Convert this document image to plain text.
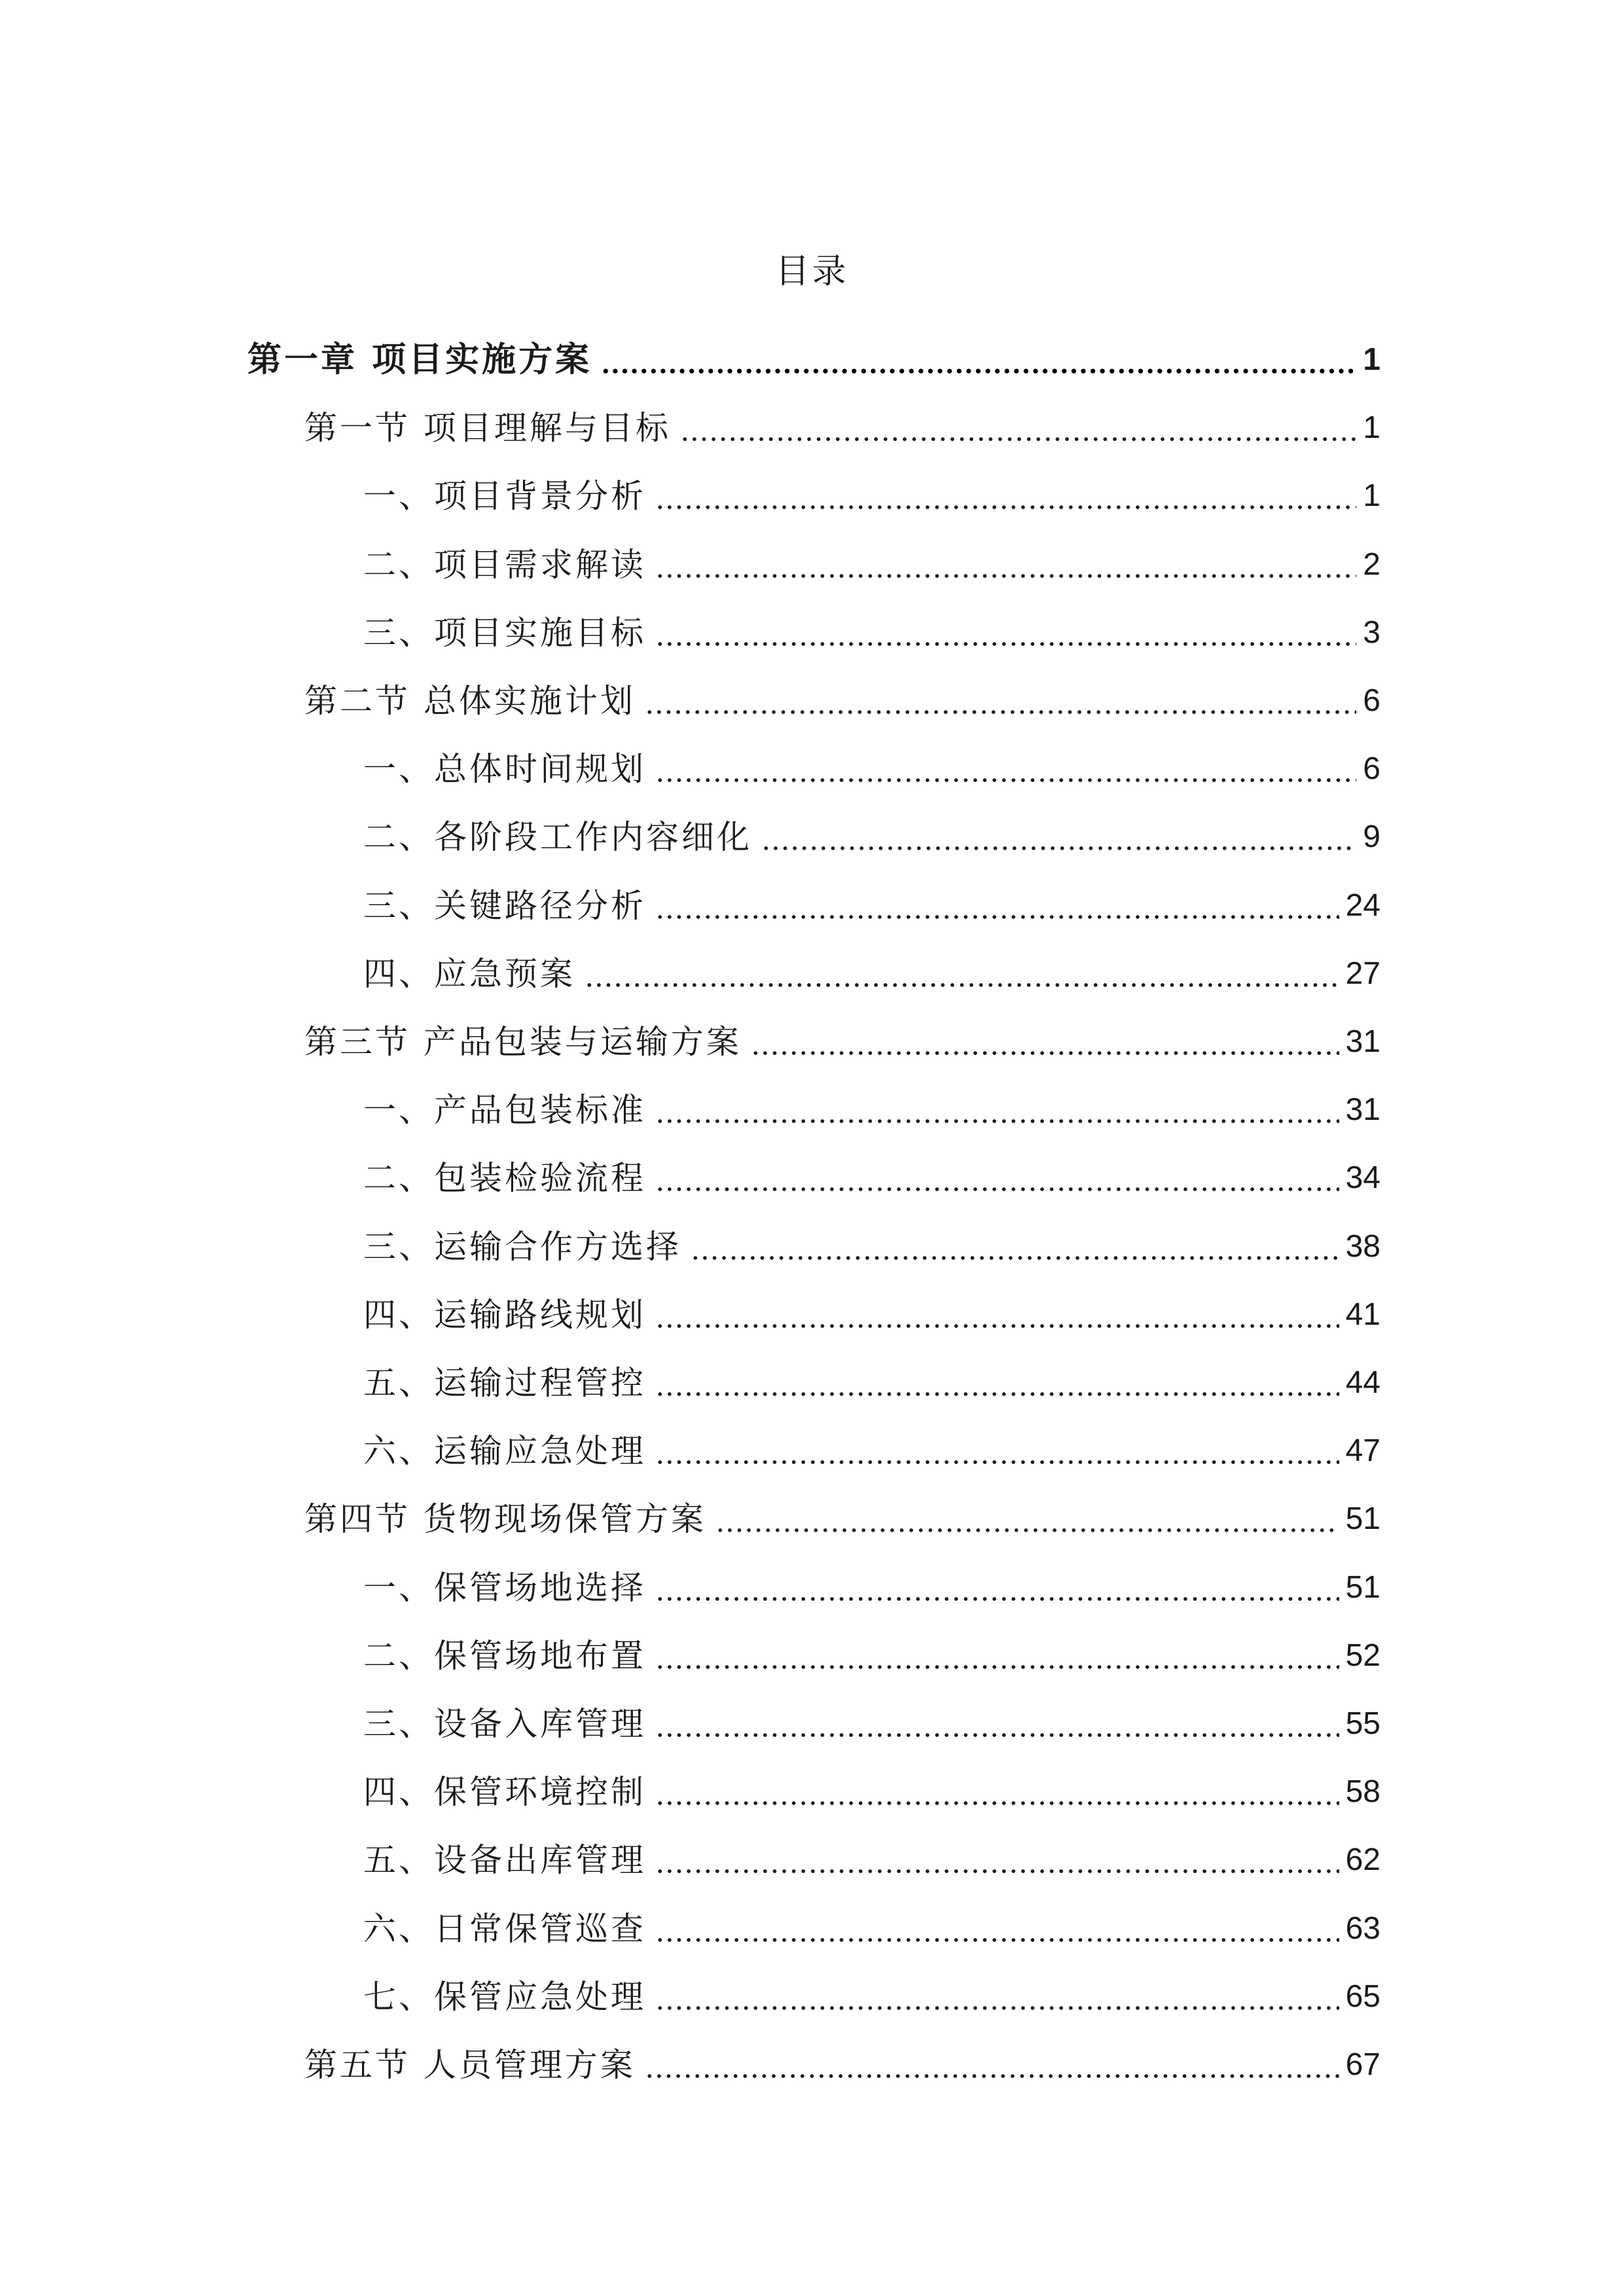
目录
第一章 项目实施方案	1
第一节 项目理解与目标	1
一、项目背景分析	1
二、项目需求解读	2
三、项目实施目标	3
第二节 总体实施计划	6
一、总体时间规划	6
二、各阶段工作内容细化	9
三、关键路径分析	24
四、应急预案	27
第三节 产品包装与运输方案	31
一、产品包装标准	31
二、包装检验流程	34
三、运输合作方选择	38
四、运输路线规划	41
五、运输过程管控	44
六、运输应急处理	47
第四节 货物现场保管方案	51
一、保管场地选择	51
二、保管场地布置	52
三、设备入库管理	55
四、保管环境控制	58
五、设备出库管理	62
六、日常保管巡查	63
七、保管应急处理	65
第五节 人员管理方案	67
